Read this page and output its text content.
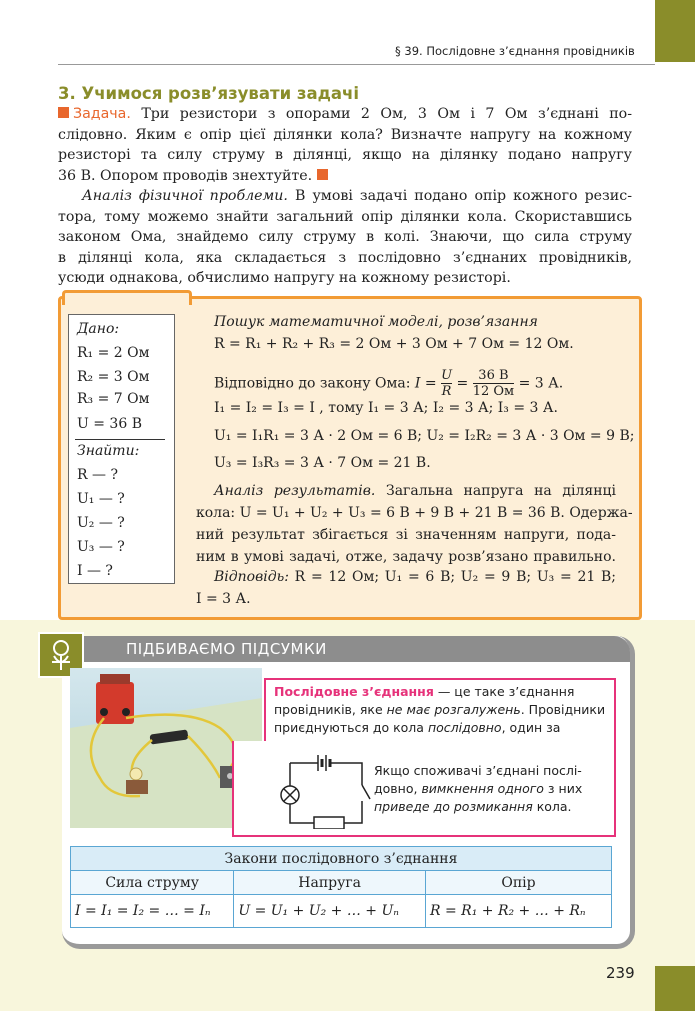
§ 39. Послідовне з’єднання провідників
3. Учимося розв’язувати задачі
Задача. Три резистори з опорами 2 Ом, 3 Ом і 7 Ом з’єднані по-
слідовно. Яким є опір цієї ділянки кола? Визначте напругу на кожному
резисторі та силу струму в ділянці, якщо на ділянку подано напругу
36 В. Опором проводів знехтуйте.
Аналіз фізичної проблеми. В умові задачі подано опір кожного резис-
тора, тому можемо знайти загальний опір ділянки кола. Скориставшись
законом Ома, знайдемо силу струму в колі. Знаючи, що сила струму
в ділянці кола, яка складається з послідовно з’єднаних провідників,
усюди однакова, обчислимо напругу на кожному резисторі.
Дано:
R₁ = 2 Ом
R₂ = 3 Ом
R₃ = 7 Ом
U = 36 В
Знайти:
R — ?
U₁ — ?
U₂ — ?
U₃ — ?
I — ?
Пошук математичної моделі, розв’язання
R = R₁ + R₂ + R₃ = 2 Ом + 3 Ом + 7 Ом = 12 Ом.
Відповідно до закону Ома: $I = \frac{U}{R} = 36$ В
12 Ом = 3 А.
I₁ = I₂ = I₃ = I , тому I₁ = 3 А; I₂ = 3 А; I₃ = 3 А.
U₁ = I₁R₁ = 3 А · 2 Ом = 6 В; U₂ = I₂R₂ = 3 А · 3 Ом = 9 В;
U₃ = I₃R₃ = 3 А · 7 Ом = 21 В.
Аналіз результатів. Загальна напруга на ділянці
кола: U = U₁ + U₂ + U₃ = 6 В + 9 В + 21 В = 36 В. Одержа-
ний результат збігається зі значенням напруги, пода-
ним в умові задачі, отже, задачу розв’язано правильно.
Відповідь: R = 12 Ом; U₁ = 6 В; U₂ = 9 В; U₃ = 21 В;
I = 3 А.
ПІДБИВАЄМО ПІДСУМКИ

Послідовне з’єднання — це таке з’єднання
провідників, яке не має розгалужень. Провідники
приєднуються до кола послідовно, один за

Якщо споживачі з’єднані послі-
довно, вимкнення одного з них
приведе до розмикання кола.
Закони послідовного з’єднання		
Сила струму	Напруга	Опір
I = I₁ = I₂ = … = Iₙ	U = U₁ + U₂ + … + Uₙ	R = R₁ + R₂ + … + Rₙ
239
